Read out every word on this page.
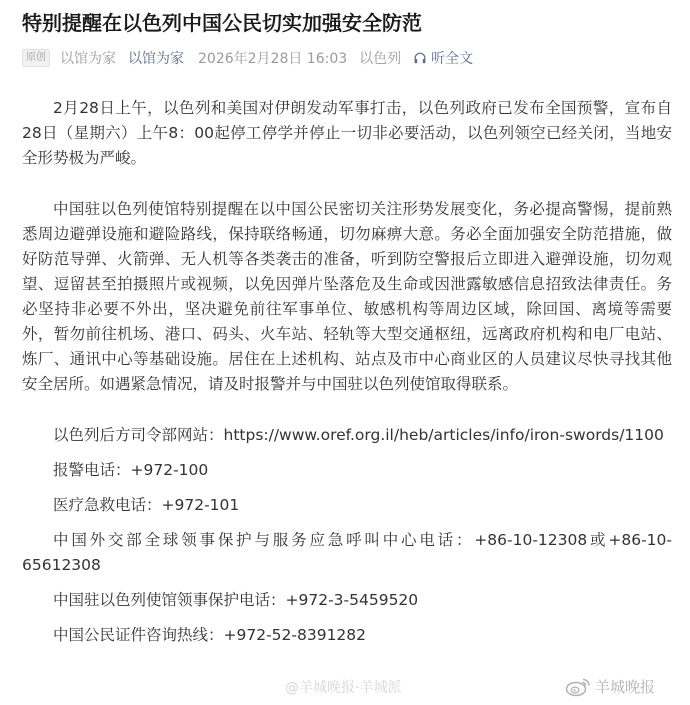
特别提醒在以色列中国公民切实加强安全防范
原创 以馆为家 以馆为家 2026年2月28日 16:03 以色列 听全文

2月28日上午，以色列和美国对伊朗发动军事打击，以色列政府已发布全国预警，宣布自28日（星期六）上午8：00起停工停学并停止一切非必要活动，以色列领空已经关闭，当地安全形势极为严峻。

中国驻以色列使馆特别提醒在以中国公民密切关注形势发展变化，务必提高警惕，提前熟悉周边避弹设施和避险路线，保持联络畅通，切勿麻痹大意。务必全面加强安全防范措施，做好防范导弹、火箭弹、无人机等各类袭击的准备，听到防空警报后立即进入避弹设施，切勿观望、逗留甚至拍摄照片或视频，以免因弹片坠落危及生命或因泄露敏感信息招致法律责任。务必坚持非必要不外出，坚决避免前往军事单位、敏感机构等周边区域，除回国、离境等需要外，暂勿前往机场、港口、码头、火车站、轻轨等大型交通枢纽，远离政府机构和电厂电站、炼厂、通讯中心等基础设施。居住在上述机构、站点及市中心商业区的人员建议尽快寻找其他安全居所。如遇紧急情况，请及时报警并与中国驻以色列使馆取得联系。

以色列后方司令部网站：https://www.oref.org.il/heb/articles/info/iron-swords/1100

报警电话：+972-100

医疗急救电话：+972-101

中国外交部全球领事保护与服务应急呼叫中心电话：+86-10-12308或+86-10-65612308

中国驻以色列使馆领事保护电话：+972-3-5459520

中国公民证件咨询热线：+972-52-8391282

@羊城晚报·羊城派	羊城晚报
